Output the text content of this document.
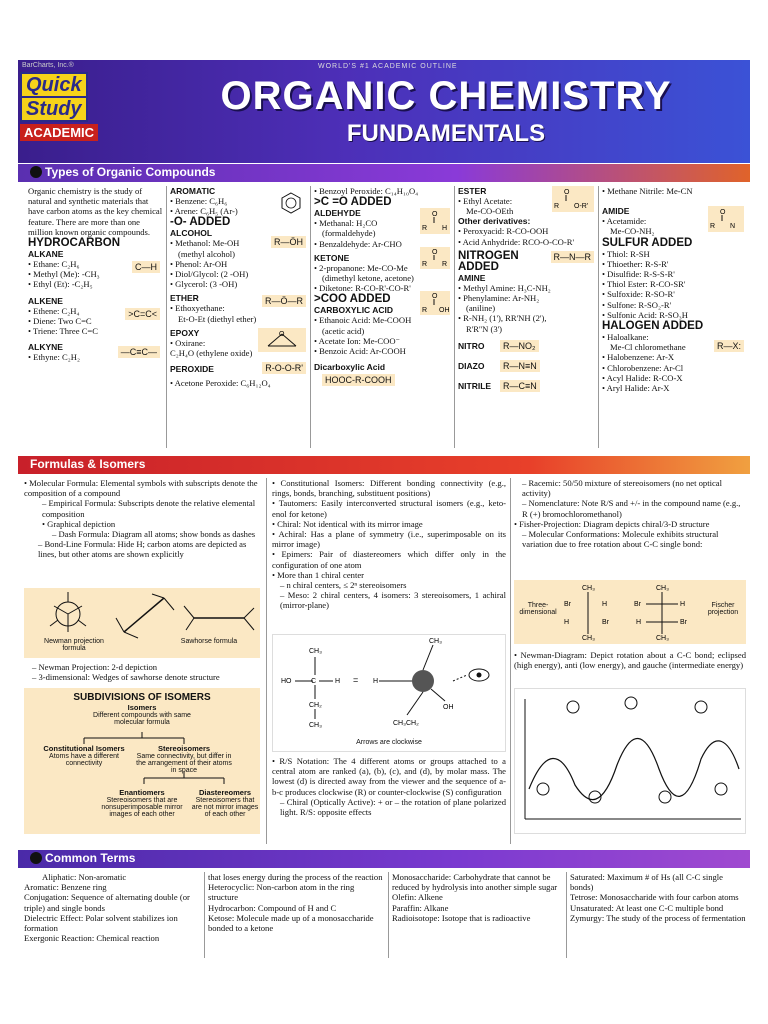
BarCharts, Inc.®	WORLD'S #1 ACADEMIC OUTLINE
Quick
Study
ACADEMIC
ORGANIC CHEMISTRY
FUNDAMENTALS
Types of Organic Compounds

Organic chemistry is the study of natural and synthetic materials that have carbon atoms as the key chemical feature. There are more than one million known organic compounds.

HYDROCARBON

ALKANE

• Ethane: C₂H₆

• Methyl (Me): -CH₃

• Ethyl (Et): -C₂H₅

C—H

ALKENE

• Ethene: C₂H₄

• Diene: Two C=C

• Triene: Three C=C

>C=C<

ALKYNE

• Ethyne: C₂H₂	—C≡C—

AROMATIC

• Benzene: C₆H₆

• Arene: C₆H₅ (Ar-)

-O- ADDED

ALCOHOL

R—ÖH

• Methanol: Me-OH

(methyl alcohol)

• Phenol: Ar-OH

• Diol/Glycol: (2 -OH)

• Glycerol: (3 -OH)

ETHER	R—Ö—R

• Ethoxyethane:

Et-O-Et (diethyl ether)

EPOXY	O

• Oxirane:

C₂H₄O (ethylene oxide)

PEROXIDE	R-O-O-R'

• Acetone Peroxide: C₆H₁₂O₄

• Benzoyl Peroxide: C₁₄H₁₀O₄

>C =O ADDED

ALDEHYDE	O
R H

• Methanal: H₂CO

(formaldehyde)

• Benzaldehyde: Ar-CHO

KETONE

O
R R

• 2-propanone: Me-CO-Me

(dimethyl ketone, acetone)

• Diketone: R-CO-R'-CO-R'

>COO ADDED

CARBOXYLIC ACID

O
R OH

• Ethanoic Acid: Me-COOH

(acetic acid)

• Acetate Ion: Me-COO⁻

• Benzoic Acid: Ar-COOH

Dicarboxylic Acid

HOOC-R-COOH

ESTER	O
R O-R'

• Ethyl Acetate:

Me-CO-OEth

Other derivatives:

• Peroxyacid: R-CO-OOH

• Acid Anhydride: RCO-O-CO-R'

NITROGEN ADDED

R—N—R

AMINE

• Methyl Amine: H₃C-NH₂

• Phenylamine: Ar-NH₂

(aniline)

• R-NH₂ (1'), RR'NH (2'),

R'R''N (3')

NITRO R—NO₂
DIAZO R—N≡N
NITRILE R—C≡N

• Methane Nitrile: Me-CN

AMIDE	O
R N

• Acetamide:

Me-CO-NH₂

SULFUR ADDED

• Thiol: R-SH

• Thioether: R-S-R'

• Disulfide: R-S-S-R'

• Thiol Ester: R-CO-SR'

• Sulfoxide: R-SO-R'

• Sulfone: R-SO₂-R'

• Sulfonic Acid: R-SO₃H

HALOGEN ADDED

R—X:

• Haloalkane:

Me-Cl chloromethane

• Halobenzene: Ar-X

• Chlorobenzene: Ar-Cl

• Acyl Halide: R-CO-X

• Aryl Halide: Ar-X

Formulas & Isomers

• Molecular Formula: Elemental symbols with subscripts denote the composition of a compound

– Empirical Formula: Subscripts denote the relative elemental composition

• Graphical depiction

– Dash Formula: Diagram all atoms; show bonds as dashes

– Bond-Line Formula: Hide H; carbon atoms are depicted as lines, but other atoms are shown explicitly

Newman projection formula
Sawhorse formula

– Newman Projection: 2-d depiction

– 3-dimensional: Wedges of sawhorse denote structure

SUBDIVISIONS OF ISOMERS
Isomers
Different compounds with same molecular formula
Constitutional Isomers
Atoms have a different connectivity
Stereoisomers
Same connectivity, but differ in the arrangement of their atoms in space
Enantiomers
Stereoisomers that are nonsuperimposable mirror images of each other
Diastereomers
Stereoisomers that are not mirror images of each other

• Constitutional Isomers: Different bonding connectivity (e.g., rings, bonds, branching, substituent positions)

• Tautomers: Easily interconverted structural isomers (e.g., keto-enol for ketone)

• Chiral: Not identical with its mirror image

• Achiral: Has a plane of symmetry (i.e., superimposable on its mirror image)

• Epimers: Pair of diastereomers which differ only in the configuration of one atom

• More than 1 chiral center

– n chiral centers, ≤ 2ⁿ stereoisomers

– Meso: 2 chiral centers, 4 isomers: 3 stereoisomers, 1 achiral (mirror-plane)

CH₃
HO	C	H
CH₂
CH₃
= H
CH₃
CH₃CH₂
OH
Arrows are clockwise

• R/S Notation: The 4 different atoms or groups attached to a central atom are ranked (a), (b), (c), and (d), by molar mass. The lowest (d) is directed away from the viewer and the sequence of a-b-c produces clockwise (R) or counter-clockwise (S) configuration

– Chiral (Optically Active): + or – the rotation of plane polarized light. R/S: opposite effects

– Racemic: 50/50 mixture of stereoisomers (no net optical activity)

– Nomenclature: Note R/S and +/- in the compound name (e.g., R (+) bromochloromethanol)

• Fisher-Projection: Diagram depicts chiral/3-D structure

– Molecular Conformations: Molecule exhibits structural variation due to free rotation about C-C single bond:

Three-dimensional
CH₃
Br	H
H	Br
CH₃
CH₃
Br	H
H	Br
CH₃
Fischer projection

• Newman-Diagram: Depict rotation about a C-C bond; eclipsed (high energy), anti (low energy), and gauche (intermediate energy)

Common Terms

Aliphatic: Non-aromatic

Aromatic: Benzene ring

Conjugation: Sequence of alternating double (or triple) and single bonds

Dielectric Effect: Polar solvent stabilizes ion formation

Exergonic Reaction: Chemical reaction

that loses energy during the process of the reaction

Heterocyclic: Non-carbon atom in the ring structure

Hydrocarbon: Compound of H and C

Ketose: Molecule made up of a monosaccharide bonded to a ketone

Monosaccharide: Carbohydrate that cannot be reduced by hydrolysis into another simple sugar

Olefin: Alkene

Paraffin: Alkane

Radioisotope: Isotope that is radioactive

Saturated: Maximum # of Hs (all C-C single bonds)

Tetrose: Monosaccharide with four carbon atoms

Unsaturated: At least one C-C multiple bond

Zymurgy: The study of the process of fermentation
